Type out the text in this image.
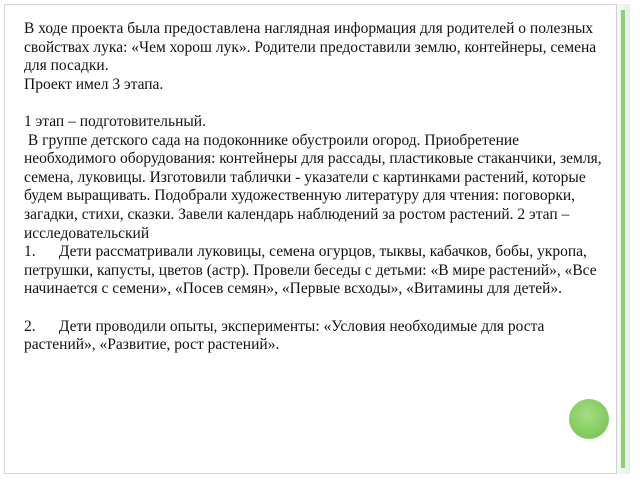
В ходе проекта была предоставлена наглядная информация для родителей о полезных свойствах лука: «Чем хорош лук». Родители предоставили землю, контейнеры, семена для посадки.
Проект имел 3 этапа.
1 этап – подготовительный.
В группе детского сада на подоконнике обустроили огород. Приобретение необходимого оборудования: контейнеры для рассады, пластиковые стаканчики, земля, семена, луковицы. Изготовили таблички - указатели с картинками растений, которые будем выращивать. Подобрали художественную литературу для чтения: поговорки, загадки, стихи, сказки. Завели календарь наблюдений за ростом растений. 2 этап – исследовательский
1.      Дети рассматривали луковицы, семена огурцов, тыквы, кабачков, бобы, укропа, петрушки, капусты, цветов (астр). Провели беседы с детьми: «В мире растений», «Все начинается с семени», «Посев семян», «Первые всходы», «Витамины для детей».
2.      Дети проводили опыты, эксперименты: «Условия необходимые для роста растений», «Развитие, рост растений».
